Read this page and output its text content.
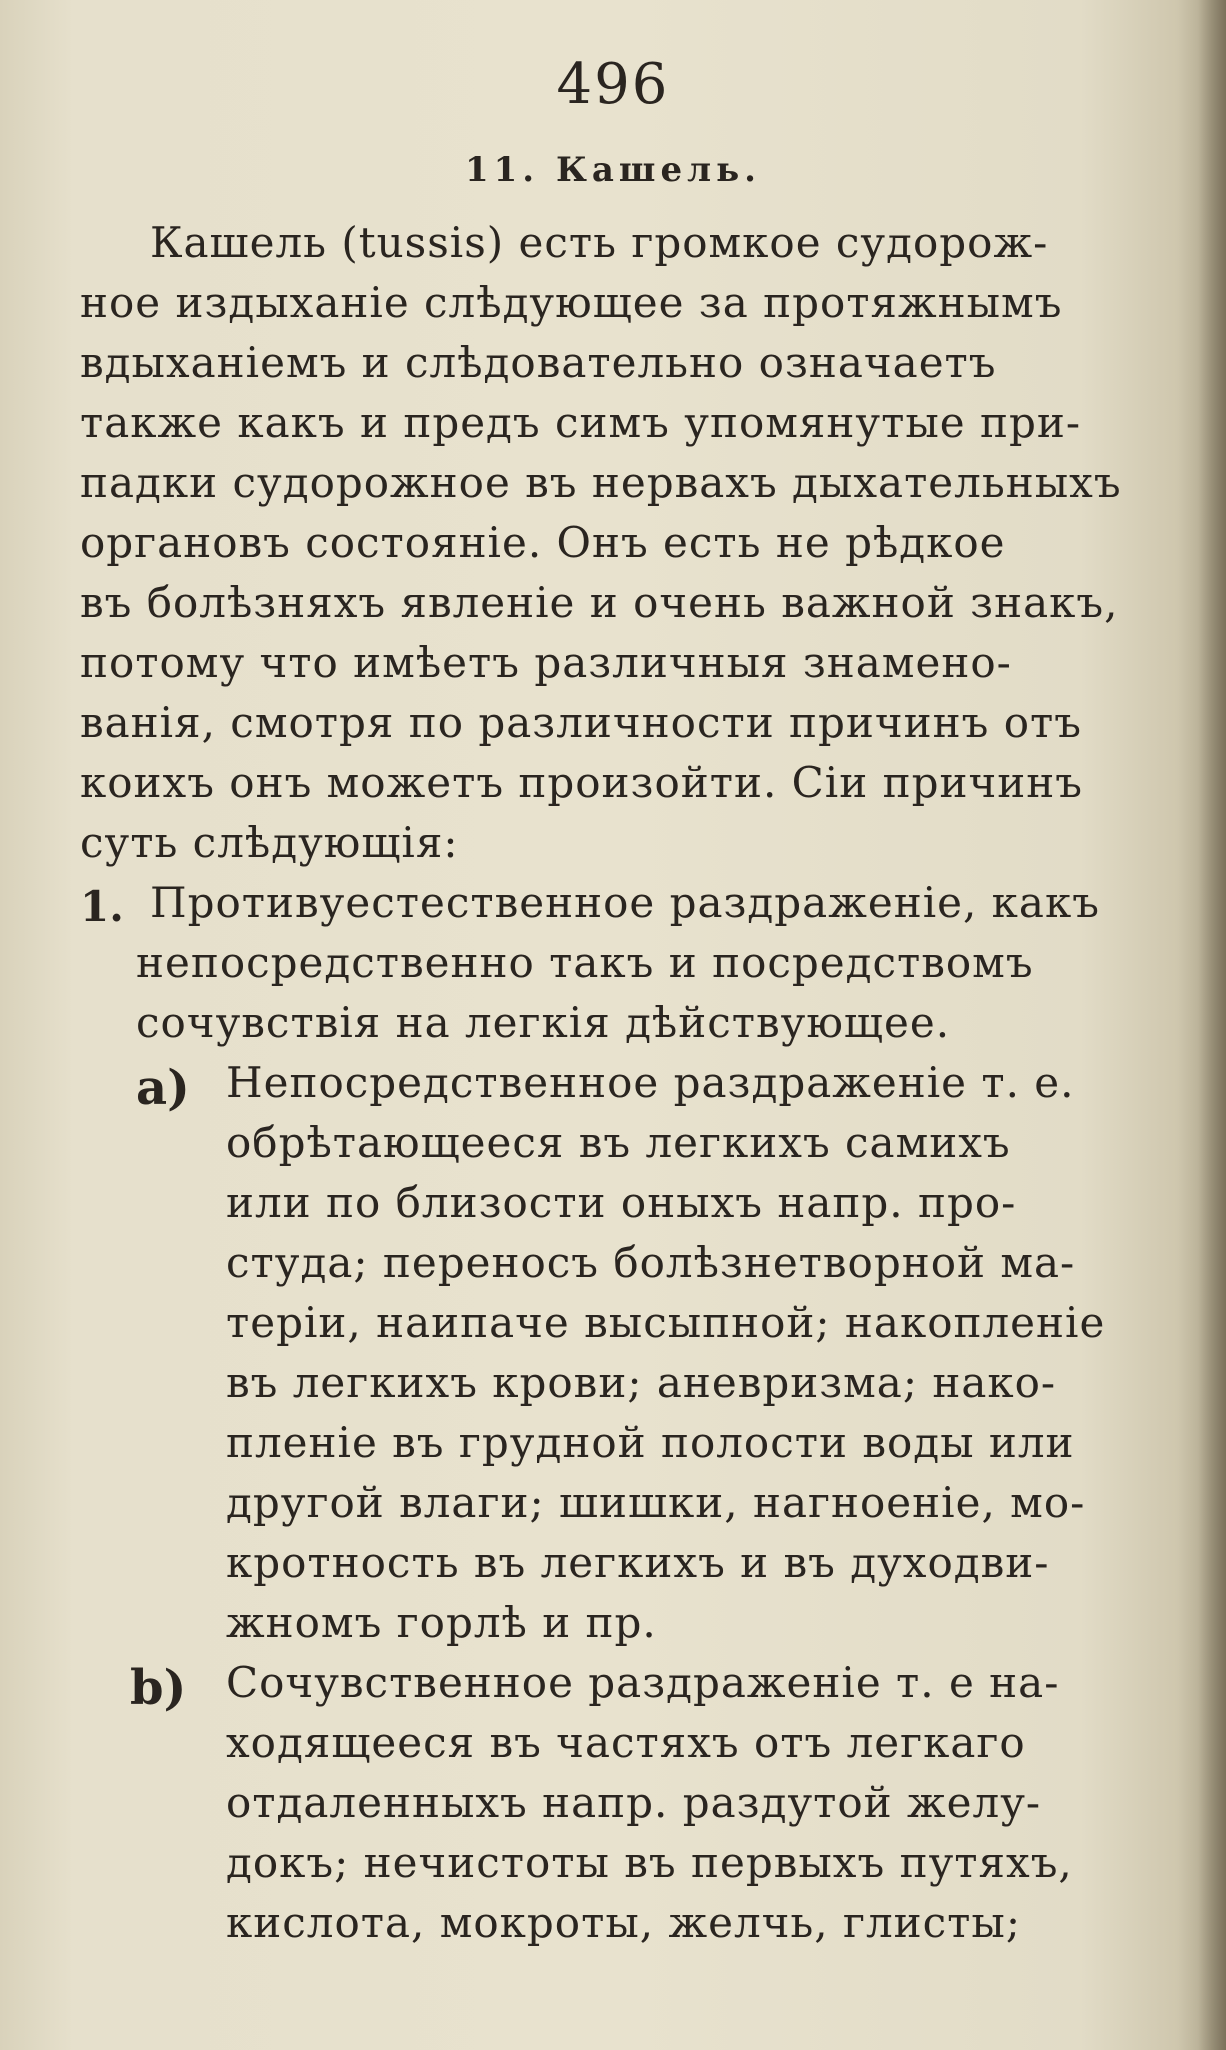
496
11. Кашель.
Кашель (tussis) есть громкое судорож-
ное издыханіе слѣдующее за протяжнымъ
вдыханіемъ и слѣдовательно означаетъ
также какъ и предъ симъ упомянутые при-
падки судорожное въ нервахъ дыхательныхъ
органовъ состояніе. Онъ есть не рѣдкое
въ болѣзняхъ явленіе и очень важной знакъ,
потому что имѣетъ различныя знамено-
ванія, смотря по различности причинъ отъ
коихъ онъ можетъ произойти. Сіи причинъ
суть слѣдующія:
1. Противуестественное раздраженіе, какъ
непосредственно такъ и посредствомъ
сочувствія на легкія дѣйствующее.
a) Непосредственное раздраженіе т. е.
обрѣтающееся въ легкихъ самихъ
или по близости оныхъ напр. про-
студа; переносъ болѣзнетворной ма-
теріи, наипаче высыпной; накопленіе
въ легкихъ крови; аневризма; нако-
пленіе въ грудной полости воды или
другой влаги; шишки, нагноеніе, мо-
кротность въ легкихъ и въ духодви-
жномъ горлѣ и пр.
b) Сочувственное раздраженіе т. е на-
ходящееся въ частяхъ отъ легкаго
отдаленныхъ напр. раздутой желу-
докъ; нечистоты въ первыхъ путяхъ,
кислота, мокроты, желчь, глисты;
